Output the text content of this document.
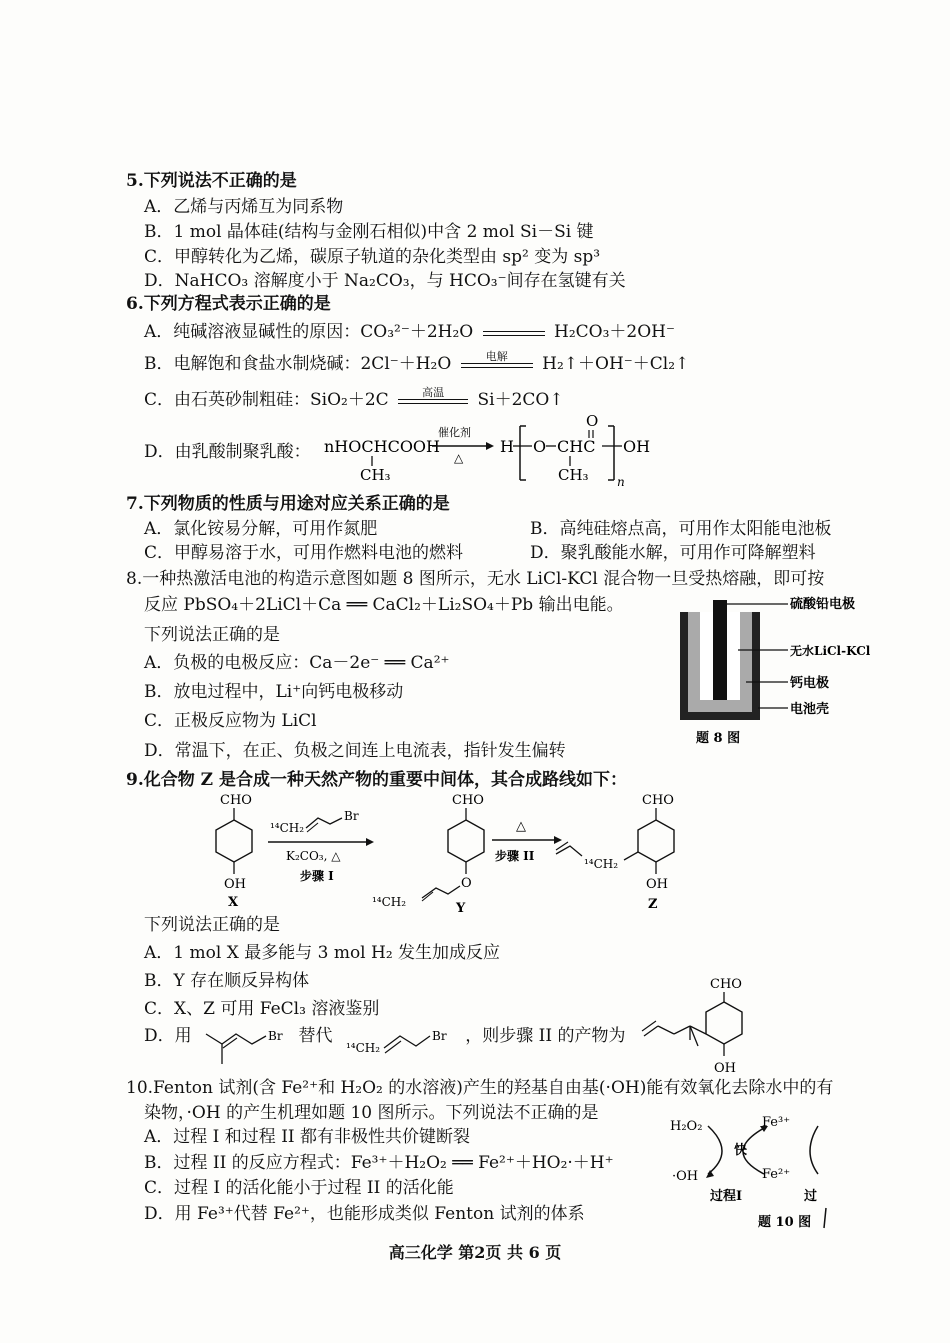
5.下列说法不正确的是
A．乙烯与丙烯互为同系物
B．1 mol 晶体硅(结构与金刚石相似)中含 2 mol Si－Si 键
C．甲醇转化为乙烯，碳原子轨道的杂化类型由 sp² 变为 sp³
D．NaHCO₃ 溶解度小于 Na₂CO₃，与 HCO₃⁻间存在氢键有关
6.下列方程式表示正确的是
A．纯碱溶液显碱性的原因：CO₃²⁻＋2H₂O	H₂CO₃＋2OH⁻
B．电解饱和食盐水制烧碱：2Cl⁻＋H₂O	电解	H₂↑＋OH⁻＋Cl₂↑
C．由石英砂制粗硅：SiO₂＋2C	高温	Si＋2CO↑
D．由乳酸制聚乳酸： nHOCHCOOH
CH₃
催化剂
△
H O CHC
O
CH₃ n
OH
7.下列物质的性质与用途对应关系正确的是
A．氯化铵易分解，可用作氮肥	B．高纯硅熔点高，可用作太阳能电池板
C．甲醇易溶于水，可用作燃料电池的燃料	D．聚乳酸能水解，可用作可降解塑料
8.一种热激活电池的构造示意图如题 8 图所示，无水 LiCl-KCl 混合物一旦受热熔融，即可按
反应 PbSO₄＋2LiCl＋Ca ══ CaCl₂＋Li₂SO₄＋Pb 输出电能。
下列说法正确的是
A．负极的电极反应：Ca－2e⁻ ══ Ca²⁺
B．放电过程中，Li⁺向钙电极移动
C．正极反应物为 LiCl
D．常温下，在正、负极之间连上电流表，指针发生偏转
硫酸铅电极
无水LiCl-KCl
钙电极
电池壳
题 8 图
9.化合物 Z 是合成一种天然产物的重要中间体，其合成路线如下：
CHO
OH
X
¹⁴CH₂
Br
K₂CO₃, △
步骤 I
CHO
O
¹⁴CH₂	Y
△
步骤 II
CHO
OH
¹⁴CH₂
Z
下列说法正确的是
A．1 mol X 最多能与 3 mol H₂ 发生加成反应
B．Y 存在顺反异构体
C．X、Z 可用 FeCl₃ 溶液鉴别
D．用	替代	，则步骤 II 的产物为
Br
¹⁴CH₂
Br
CHO
OH
10.Fenton 试剂(含 Fe²⁺和 H₂O₂ 的水溶液)产生的羟基自由基(·OH)能有效氧化去除水中的有
染物，·OH 的产生机理如题 10 图所示。下列说法不正确的是
A．过程 I 和过程 II 都有非极性共价键断裂
B．过程 II 的反应方程式：Fe³⁺＋H₂O₂ ══ Fe²⁺＋HO₂·＋H⁺
C．过程 I 的活化能小于过程 II 的活化能
D．用 Fe³⁺代替 Fe²⁺，也能形成类似 Fenton 试剂的体系
H₂O₂
·OH
快
Fe³⁺
Fe²⁺
过程I	过
题 10 图
高三化学 第2页 共 6 页
